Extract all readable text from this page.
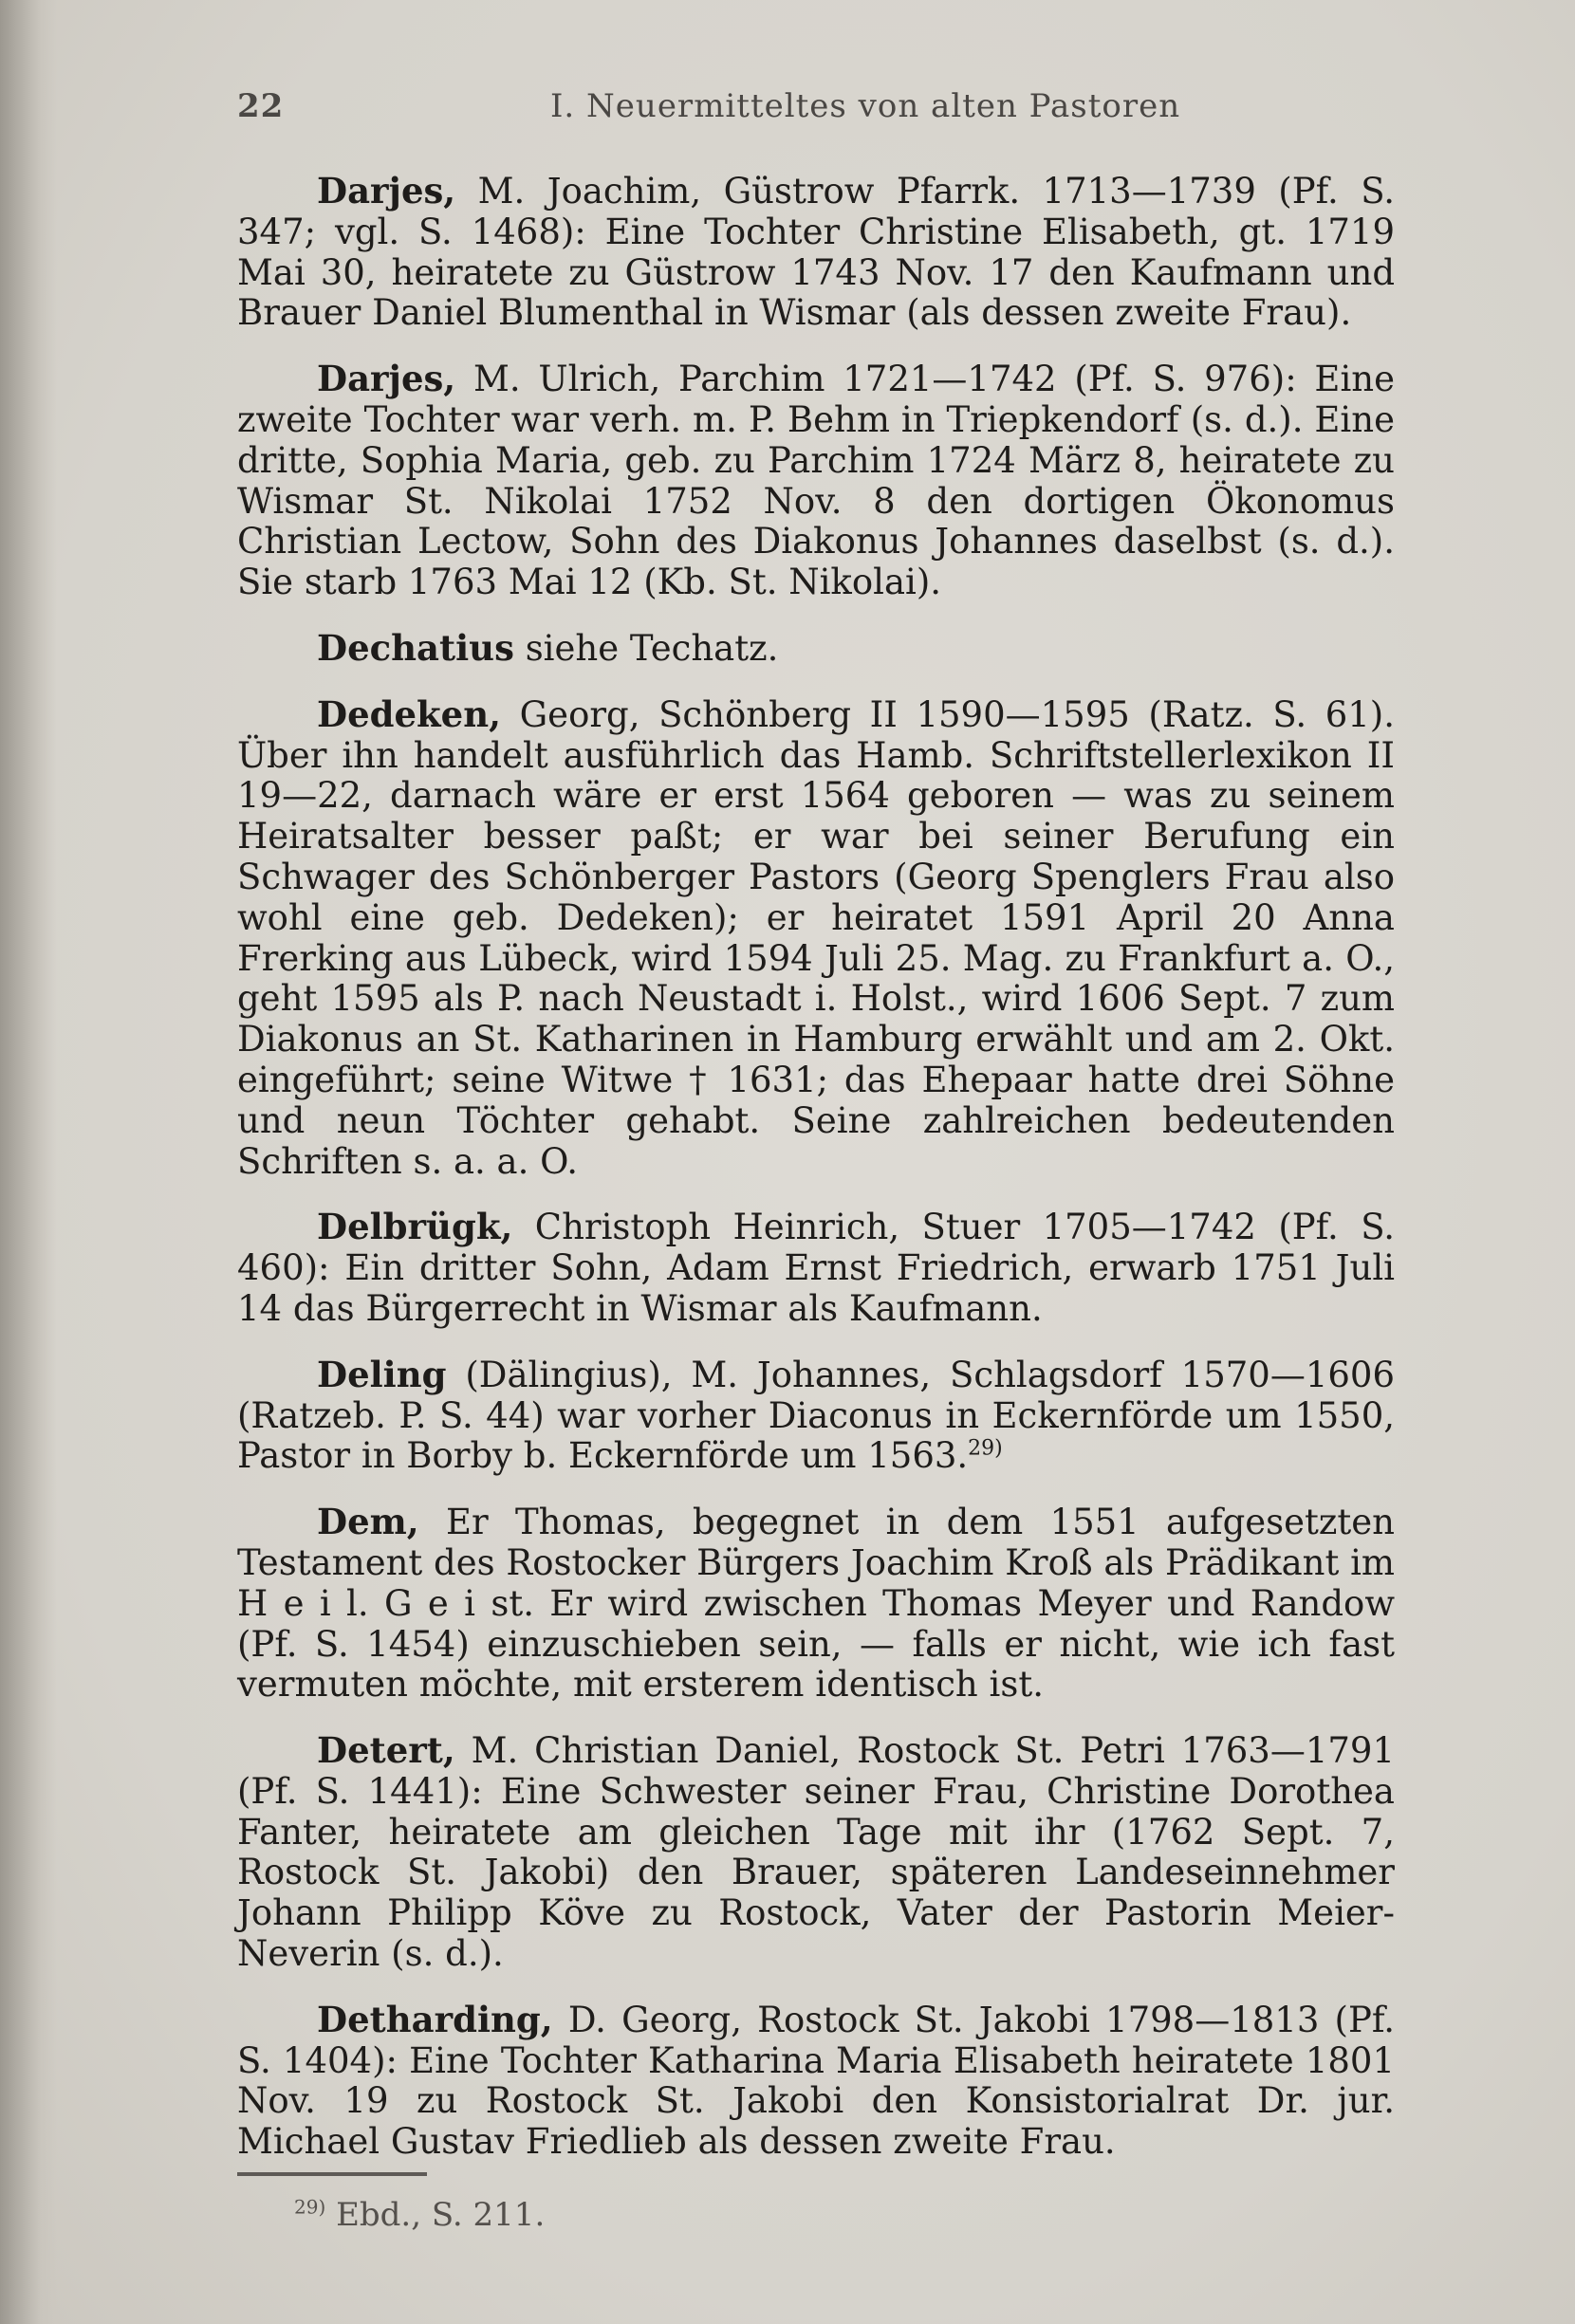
22	I. Neuermitteltes von alten Pastoren

Darjes, M. Joachim, Güstrow Pfarrk. 1713—1739 (Pf. S. 347; vgl. S. 1468): Eine Tochter Christine Elisabeth, gt. 1719 Mai 30, heiratete zu Güstrow 1743 Nov. 17 den Kaufmann und Brauer Daniel Blumenthal in Wismar (als dessen zweite Frau).

Darjes, M. Ulrich, Parchim 1721—1742 (Pf. S. 976): Eine zweite Tochter war verh. m. P. Behm in Triepkendorf (s. d.). Eine dritte, Sophia Maria, geb. zu Parchim 1724 März 8, heiratete zu Wismar St. Nikolai 1752 Nov. 8 den dortigen Ökonomus Christian Lectow, Sohn des Diakonus Johannes daselbst (s. d.). Sie starb 1763 Mai 12 (Kb. St. Nikolai).

Dechatius siehe Techatz.

Dedeken, Georg, Schönberg II 1590—1595 (Ratz. S. 61). Über ihn handelt ausführlich das Hamb. Schriftstellerlexikon II 19—22, darnach wäre er erst 1564 geboren — was zu seinem Heiratsalter besser paßt; er war bei seiner Berufung ein Schwager des Schönberger Pastors (Georg Spenglers Frau also wohl eine geb. Dedeken); er heiratet 1591 April 20 Anna Frerking aus Lübeck, wird 1594 Juli 25. Mag. zu Frankfurt a. O., geht 1595 als P. nach Neustadt i. Holst., wird 1606 Sept. 7 zum Diakonus an St. Katharinen in Hamburg erwählt und am 2. Okt. eingeführt; seine Witwe † 1631; das Ehepaar hatte drei Söhne und neun Töchter gehabt. Seine zahlreichen bedeutenden Schriften s. a. a. O.

Delbrügk, Christoph Heinrich, Stuer 1705—1742 (Pf. S. 460): Ein dritter Sohn, Adam Ernst Friedrich, erwarb 1751 Juli 14 das Bürgerrecht in Wismar als Kaufmann.

Deling (Dälingius), M. Johannes, Schlagsdorf 1570—1606 (Ratzeb. P. S. 44) war vorher Diaconus in Eckernförde um 1550, Pastor in Borby b. Eckernförde um 1563.$^{29)}$

Dem, Er Thomas, begegnet in dem 1551 aufgesetzten Testament des Rostocker Bürgers Joachim Kroß als Prädikant im H e i l. G e i st. Er wird zwischen Thomas Meyer und Randow (Pf. S. 1454) einzuschieben sein, — falls er nicht, wie ich fast vermuten möchte, mit ersterem identisch ist.

Detert, M. Christian Daniel, Rostock St. Petri 1763—1791 (Pf. S. 1441): Eine Schwester seiner Frau, Christine Dorothea Fanter, heiratete am gleichen Tage mit ihr (1762 Sept. 7, Rostock St. Jakobi) den Brauer, späteren Landeseinnehmer Johann Philipp Köve zu Rostock, Vater der Pastorin Meier-Neverin (s. d.).

Detharding, D. Georg, Rostock St. Jakobi 1798—1813 (Pf. S. 1404): Eine Tochter Katharina Maria Elisabeth heiratete 1801 Nov. 19 zu Rostock St. Jakobi den Konsistorialrat Dr. jur. Michael Gustav Friedlieb als dessen zweite Frau.

$^{29)}$ Ebd., S. 211.
